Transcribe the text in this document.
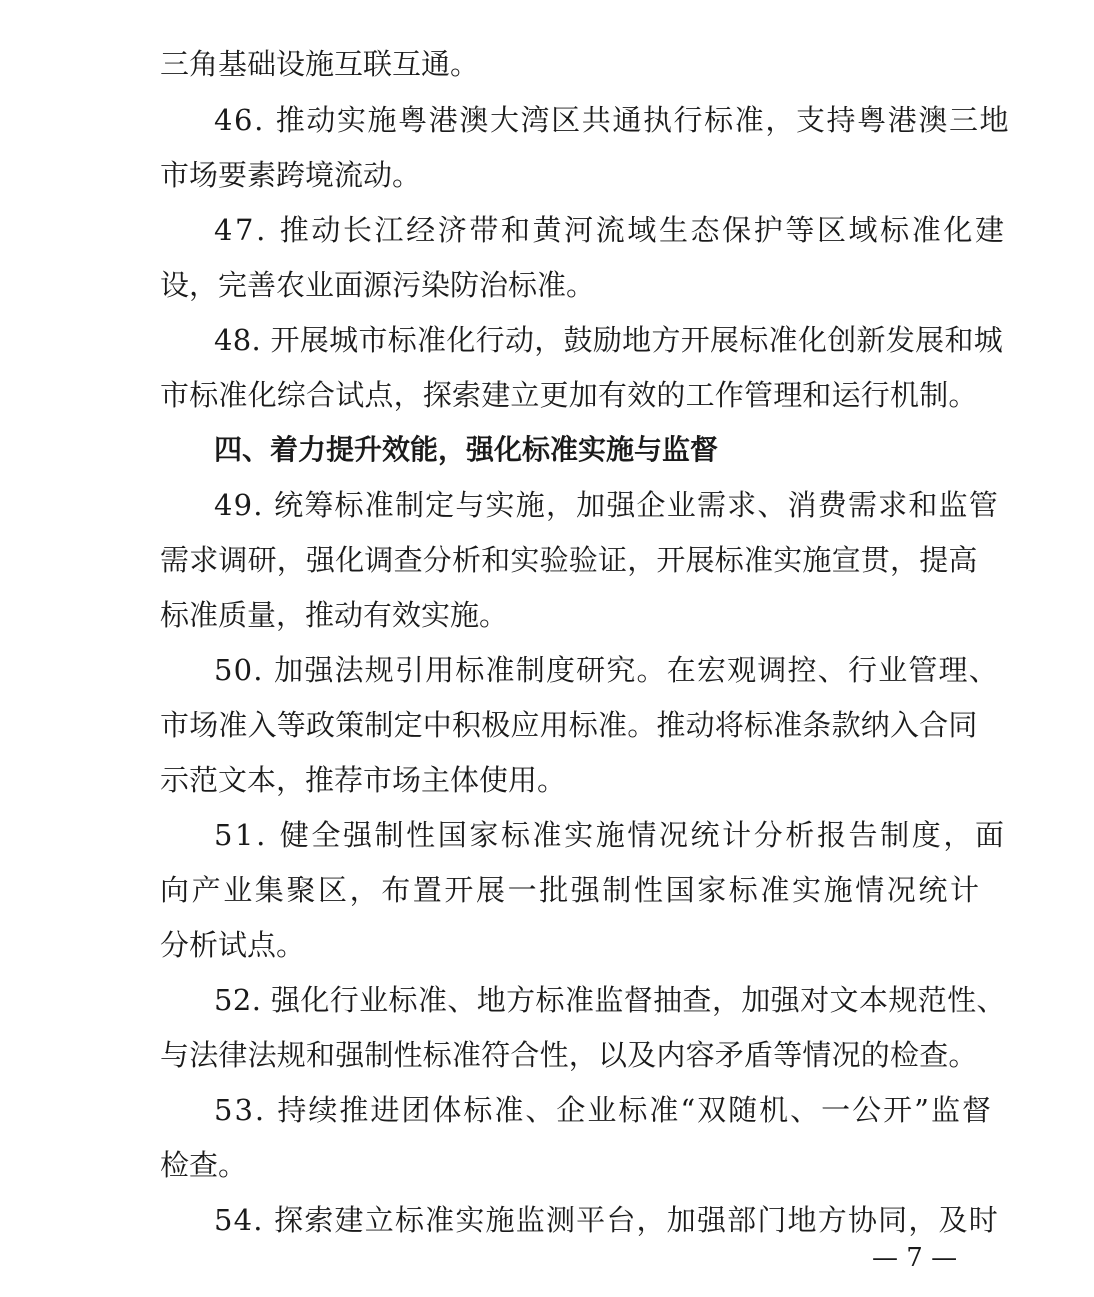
三角基础设施互联互通。
46. 推动实施粤港澳大湾区共通执行标准，支持粤港澳三地
市场要素跨境流动。
47. 推动长江经济带和黄河流域生态保护等区域标准化建
设，完善农业面源污染防治标准。
48. 开展城市标准化行动，鼓励地方开展标准化创新发展和城
市标准化综合试点，探索建立更加有效的工作管理和运行机制。
四、着力提升效能，强化标准实施与监督
49. 统筹标准制定与实施，加强企业需求、消费需求和监管
需求调研，强化调查分析和实验验证，开展标准实施宣贯，提高
标准质量，推动有效实施。
50. 加强法规引用标准制度研究。在宏观调控、行业管理、
市场准入等政策制定中积极应用标准。推动将标准条款纳入合同
示范文本，推荐市场主体使用。
51. 健全强制性国家标准实施情况统计分析报告制度，面
向产业集聚区，布置开展一批强制性国家标准实施情况统计
分析试点。
52. 强化行业标准、地方标准监督抽查，加强对文本规范性、
与法律法规和强制性标准符合性，以及内容矛盾等情况的检查。
53. 持续推进团体标准、企业标准“双随机、一公开”监督
检查。
54. 探索建立标准实施监测平台，加强部门地方协同，及时
— 7 —
